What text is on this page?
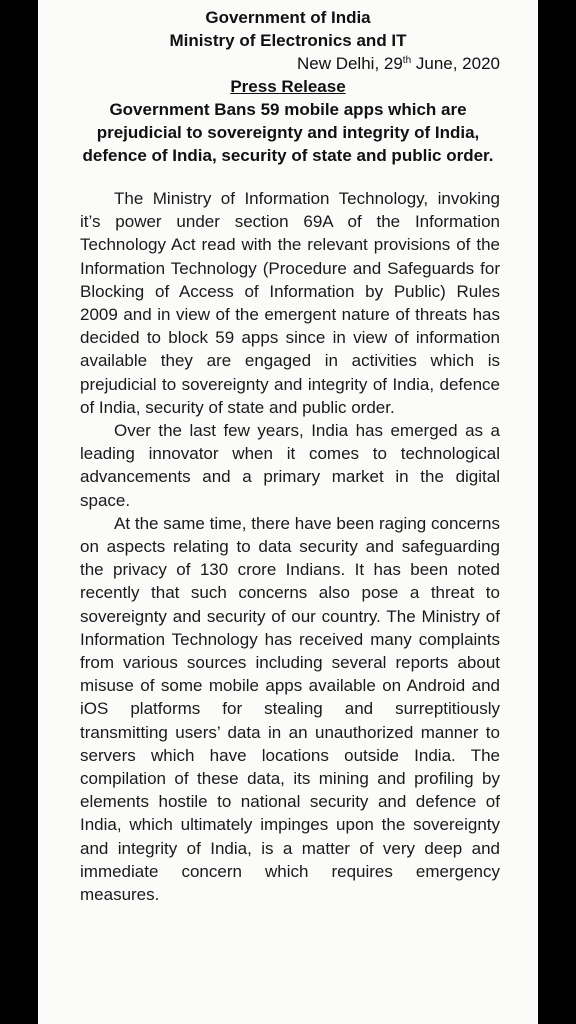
Government of India
Ministry of Electronics and IT
New Delhi, 29th June, 2020
Press Release
Government Bans 59 mobile apps which are prejudicial to sovereignty and integrity of India, defence of India, security of state and public order.

The Ministry of Information Technology, invoking it’s power under section 69A of the Information Technology Act read with the relevant provisions of the Information Technology (Procedure and Safeguards for Blocking of Access of Information by Public) Rules 2009 and in view of the emergent nature of threats has decided to block 59 apps since in view of information available they are engaged in activities which is prejudicial to sovereignty and integrity of India, defence of India, security of state and public order.

Over the last few years, India has emerged as a leading innovator when it comes to technological advancements and a primary market in the digital space.

At the same time, there have been raging concerns on aspects relating to data security and safeguarding the privacy of 130 crore Indians. It has been noted recently that such concerns also pose a threat to sovereignty and security of our country. The Ministry of Information Technology has received many complaints from various sources including several reports about misuse of some mobile apps available on Android and iOS platforms for stealing and surreptitiously transmitting users’ data in an unauthorized manner to servers which have locations outside India. The compilation of these data, its mining and profiling by elements hostile to national security and defence of India, which ultimately impinges upon the sovereignty and integrity of India, is a matter of very deep and immediate concern which requires emergency measures.
